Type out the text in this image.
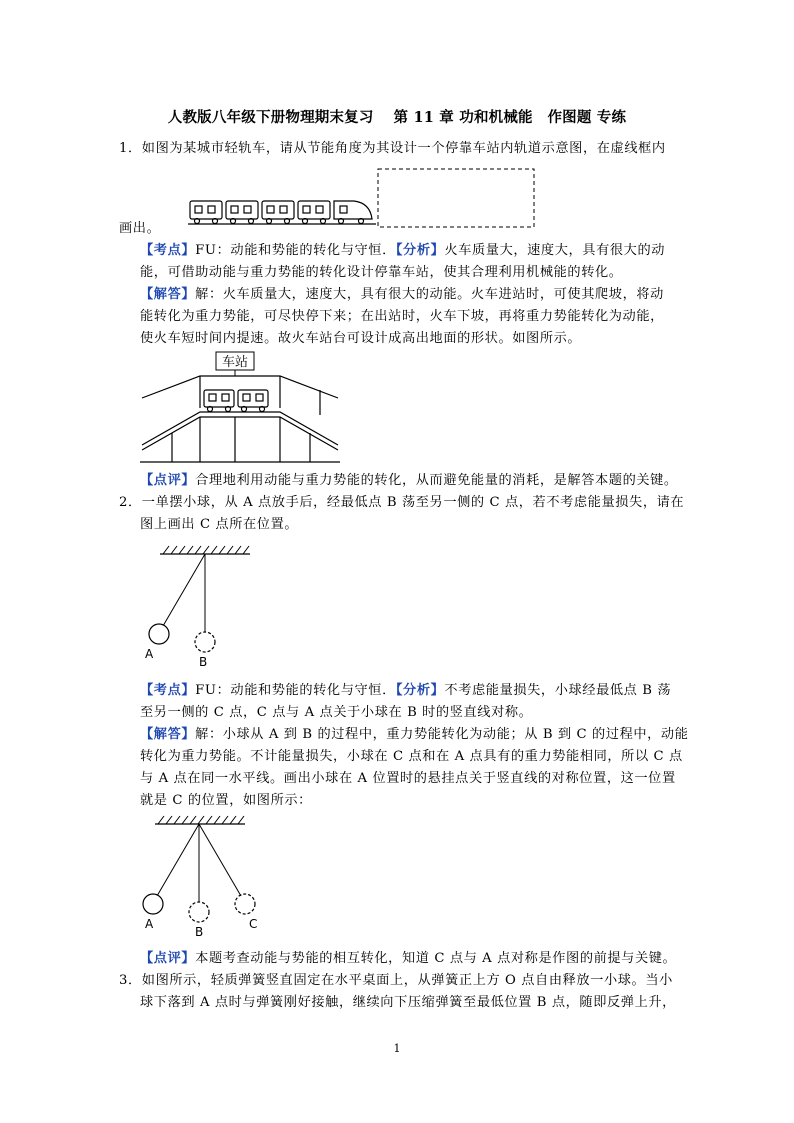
人教版八年级下册物理期末复习　 第 11 章 功和机械能　作图题 专练
1．如图为某城市轻轨车，请从节能角度为其设计一个停靠车站内轨道示意图，在虚线框内
画出。
【考点】FU：动能和势能的转化与守恒．【分析】火车质量大，速度大，具有很大的动
能，可借助动能与重力势能的转化设计停靠车站，使其合理利用机械能的转化。
【解答】解：火车质量大，速度大，具有很大的动能。火车进站时，可使其爬坡，将动
能转化为重力势能，可尽快停下来；在出站时，火车下坡，再将重力势能转化为动能，
使火车短时间内提速。故火车站台可设计成高出地面的形状。如图所示。
车站
【点评】合理地利用动能与重力势能的转化，从而避免能量的消耗，是解答本题的关键。
2．一单摆小球，从 A 点放手后，经最低点 B 荡至另一侧的 C 点，若不考虑能量损失，请在
图上画出 C 点所在位置。
A
B
【考点】FU：动能和势能的转化与守恒．【分析】不考虑能量损失，小球经最低点 B 荡
至另一侧的 C 点，C 点与 A 点关于小球在 B 时的竖直线对称。
【解答】解：小球从 A 到 B 的过程中，重力势能转化为动能；从 B 到 C 的过程中，动能
转化为重力势能。不计能量损失，小球在 C 点和在 A 点具有的重力势能相同，所以 C 点
与 A 点在同一水平线。画出小球在 A 位置时的悬挂点关于竖直线的对称位置，这一位置
就是 C 的位置，如图所示：
A
B
C
【点评】本题考查动能与势能的相互转化，知道 C 点与 A 点对称是作图的前提与关键。
3．如图所示，轻质弹簧竖直固定在水平桌面上，从弹簧正上方 O 点自由释放一小球。当小
球下落到 A 点时与弹簧刚好接触，继续向下压缩弹簧至最低位置 B 点，随即反弹上升，
1
